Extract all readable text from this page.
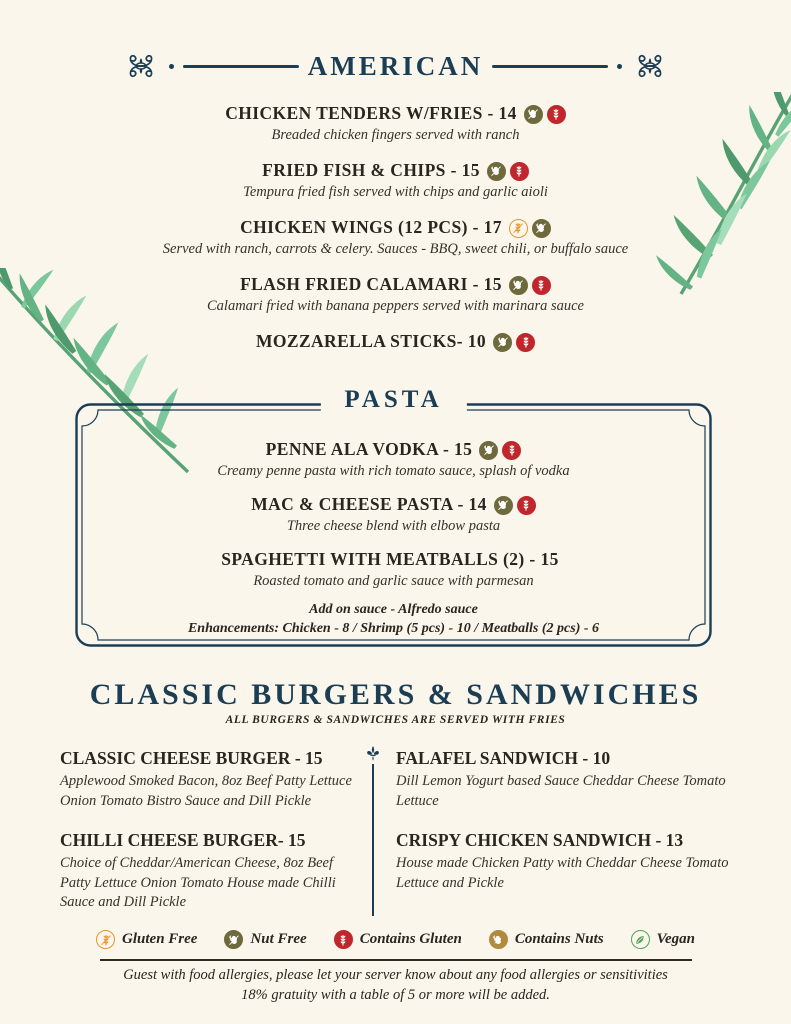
AMERICAN
CHICKEN TENDERS W/FRIES - 14
Breaded chicken fingers served with ranch
FRIED FISH & CHIPS - 15
Tempura fried fish served with chips and garlic aioli
CHICKEN WINGS (12 PCS) - 17
Served with ranch, carrots & celery. Sauces - BBQ, sweet chili, or buffalo sauce
FLASH FRIED CALAMARI - 15
Calamari fried with banana peppers served with marinara sauce
MOZZARELLA STICKS- 10
PASTA
PENNE ALA VODKA - 15
Creamy penne pasta with rich tomato sauce, splash of vodka
MAC & CHEESE PASTA - 14
Three cheese blend with elbow pasta
SPAGHETTI WITH MEATBALLS (2) - 15
Roasted tomato and garlic sauce with parmesan
Add on sauce - Alfredo sauce
Enhancements: Chicken - 8 / Shrimp (5 pcs) - 10 / Meatballs (2 pcs) - 6
CLASSIC BURGERS & SANDWICHES
ALL BURGERS & SANDWICHES ARE SERVED WITH FRIES
CLASSIC CHEESE BURGER - 15
Applewood Smoked Bacon, 8oz Beef Patty Lettuce Onion Tomato Bistro Sauce and Dill Pickle
CHILLI CHEESE BURGER- 15
Choice of Cheddar/American Cheese, 8oz Beef Patty Lettuce Onion Tomato House made Chilli Sauce and Dill Pickle
FALAFEL SANDWICH - 10
Dill Lemon Yogurt based Sauce Cheddar Cheese Tomato Lettuce
CRISPY CHICKEN SANDWICH - 13
House made Chicken Patty with Cheddar Cheese Tomato Lettuce and Pickle
Gluten Free	Nut Free	Contains Gluten	Contains Nuts	Vegan
Guest with food allergies, please let your server know about any food allergies or sensitivities
18% gratuity with a table of 5 or more will be added.
